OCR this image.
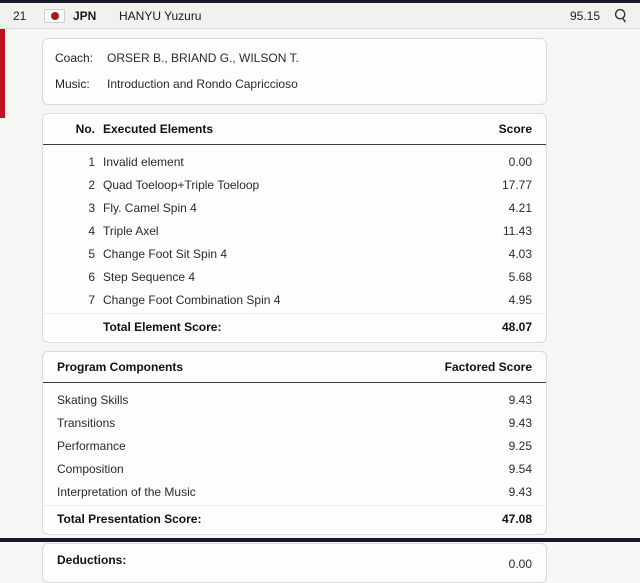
21	JPN	HANYU Yuzuru	95.15
Coach:	ORSER B., BRIAND G., WILSON T.
Music:	Introduction and Rondo Capriccioso
No. Executed Elements	Score
1 Invalid element	0.00
2 Quad Toeloop+Triple Toeloop	17.77
3 Fly. Camel Spin 4	4.21
4 Triple Axel	11.43
5 Change Foot Sit Spin 4	4.03
6 Step Sequence 4	5.68
7 Change Foot Combination Spin 4	4.95
Total Element Score:	48.07
Program Components	Factored Score
Skating Skills	9.43
Transitions	9.43
Performance	9.25
Composition	9.54
Interpretation of the Music	9.43
Total Presentation Score:	47.08
Deductions:	0.00
